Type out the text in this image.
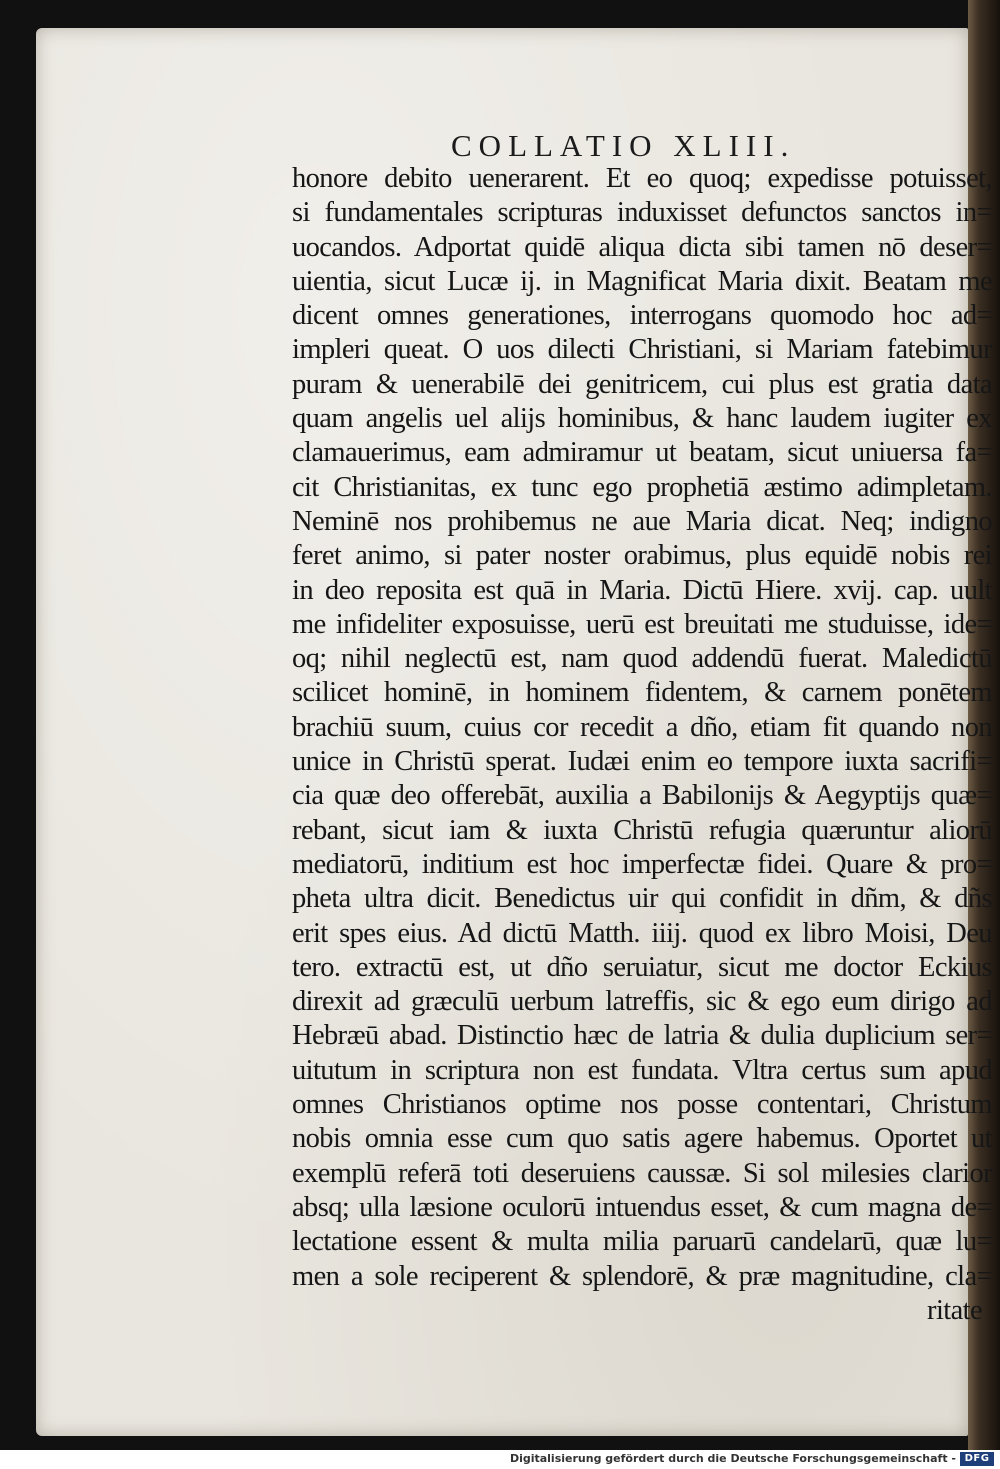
COLLATIO XLIII.
honore debito uenerarent. Et eo quoq; expedisse potuisset,
si fundamentales scripturas induxisset defunctos sanctos in=
uocandos. Adportat quidē aliqua dicta sibi tamen nō deser=
uientia, sicut Lucæ ij. in Magnificat Maria dixit. Beatam me
dicent omnes generationes, interrogans quomodo hoc ad=
impleri queat. O uos dilecti Christiani, si Mariam fatebimur
puram & uenerabilē dei genitricem, cui plus est gratia data
quam angelis uel alijs hominibus, & hanc laudem iugiter ex
clamauerimus, eam admiramur ut beatam, sicut uniuersa fa=
cit Christianitas, ex tunc ego prophetiā æstimo adimpletam.
Neminē nos prohibemus ne aue Maria dicat. Neq; indigno
feret animo, si pater noster orabimus, plus equidē nobis rei
in deo reposita est quā in Maria. Dictū Hiere. xvij. cap. uult
me infideliter exposuisse, uerū est breuitati me studuisse, ide=
oq; nihil neglectū est, nam quod addendū fuerat. Maledictū
scilicet hominē, in hominem fidentem, & carnem ponētem
brachiū suum, cuius cor recedit a dño, etiam fit quando non
unice in Christū sperat. Iudæi enim eo tempore iuxta sacrifi=
cia quæ deo offerebāt, auxilia a Babilonijs & Aegyptijs quæ=
rebant, sicut iam & iuxta Christū refugia quæruntur aliorū
mediatorū, inditium est hoc imperfectæ fidei. Quare & pro=
pheta ultra dicit. Benedictus uir qui confidit in dñm, & dñs
erit spes eius. Ad dictū Matth. iiij. quod ex libro Moisi, Deu
tero. extractū est, ut dño seruiatur, sicut me doctor Eckius
direxit ad græculū uerbum latreffis, sic & ego eum dirigo ad
Hebræū abad. Distinctio hæc de latria & dulia duplicium ser=
uitutum in scriptura non est fundata. Vltra certus sum apud
omnes Christianos optime nos posse contentari, Christum
nobis omnia esse cum quo satis agere habemus. Oportet ut
exemplū referā toti deseruiens caussæ. Si sol milesies clarior
absq; ulla læsione oculorū intuendus esset, & cum magna de=
lectatione essent & multa milia paruarū candelarū, quæ lu=
men a sole reciperent & splendorē, & præ magnitudine, cla=
ritate
Digitalisierung gefördert durch die Deutsche Forschungsgemeinschaft - DFG
